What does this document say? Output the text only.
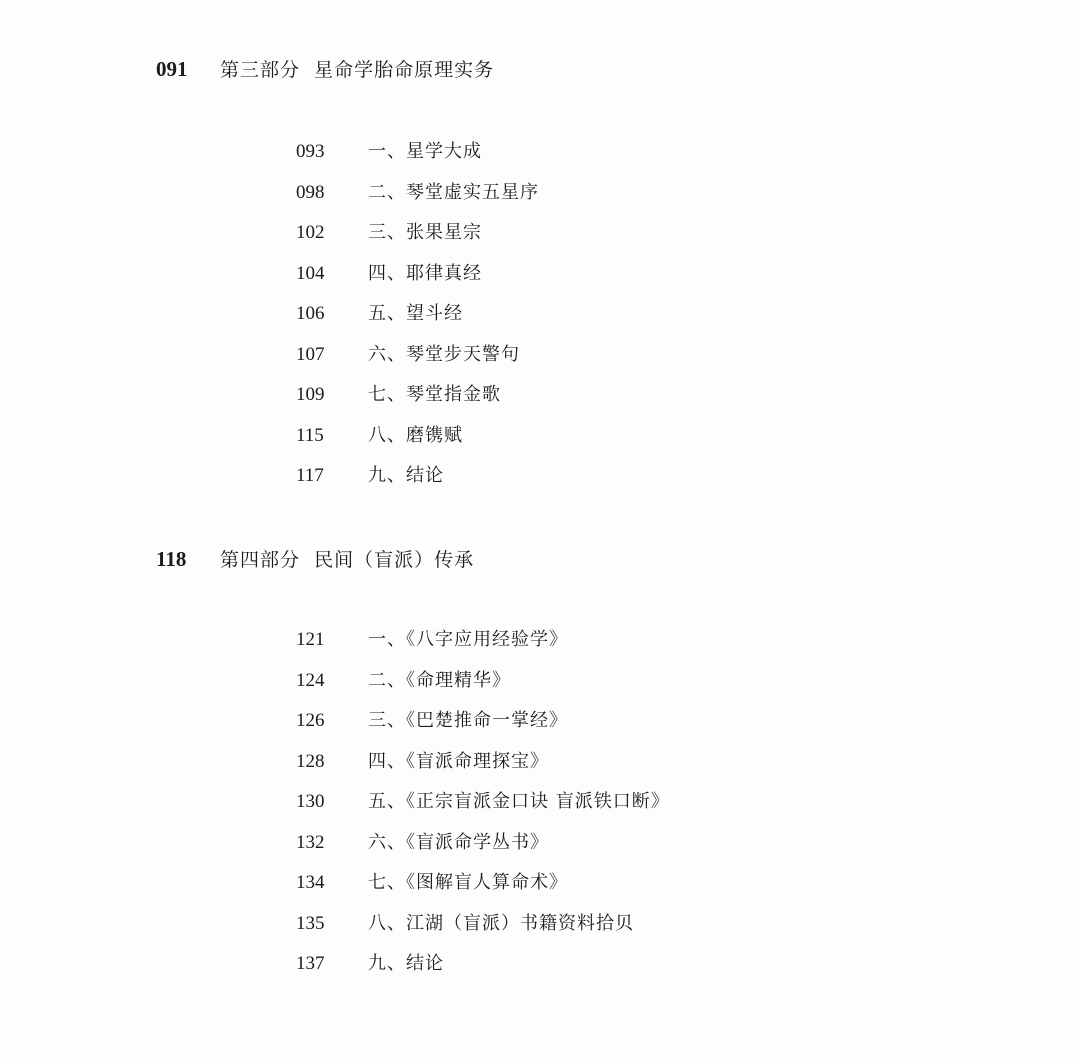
091	第三部分  星命学胎命原理实务
093	一、星学大成
098	二、琴堂虚实五星序
102	三、张果星宗
104	四、耶律真经
106	五、望斗经
107	六、琴堂步天警句
109	七、琴堂指金歌
115	八、磨镌赋
117	九、结论
118	第四部分  民间（盲派）传承
121	一、《八字应用经验学》
124	二、《命理精华》
126	三、《巴楚推命一掌经》
128	四、《盲派命理探宝》
130	五、《正宗盲派金口诀 盲派铁口断》
132	六、《盲派命学丛书》
134	七、《图解盲人算命术》
135	八、江湖（盲派）书籍资料拾贝
137	九、结论
